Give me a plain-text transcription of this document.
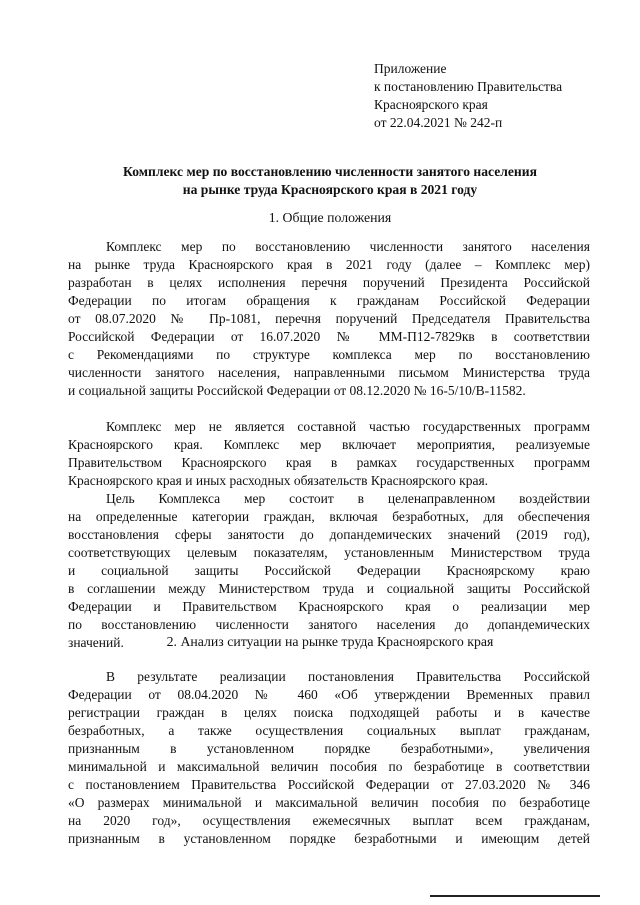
Приложение
к постановлению Правительства
Красноярского края
от 22.04.2021 № 242-п
Комплекс мер по восстановлению численности занятого населения
на рынке труда Красноярского края в 2021 году
1. Общие положения
Комплекс мер по восстановлению численности занятого населения
на рынке труда Красноярского края в 2021 году (далее – Комплекс мер)
разработан в целях исполнения перечня поручений Президента Российской
Федерации по итогам обращения к гражданам Российской Федерации
от 08.07.2020 № Пр-1081, перечня поручений Председателя Правительства
Российской Федерации от 16.07.2020 № ММ-П12-7829кв в соответствии
с Рекомендациями по структуре комплекса мер по восстановлению
численности занятого населения, направленными письмом Министерства труда
и социальной защиты Российской Федерации от 08.12.2020 № 16-5/10/В-11582.
Комплекс мер не является составной частью государственных программ
Красноярского края. Комплекс мер включает мероприятия, реализуемые
Правительством Красноярского края в рамках государственных программ
Красноярского края и иных расходных обязательств Красноярского края.
Цель Комплекса мер состоит в целенаправленном воздействии
на определенные категории граждан, включая безработных, для обеспечения
восстановления сферы занятости до допандемических значений (2019 год),
соответствующих целевым показателям, установленным Министерством труда
и социальной защиты Российской Федерации Красноярскому краю
в соглашении между Министерством труда и социальной защиты Российской
Федерации и Правительством Красноярского края о реализации мер
по восстановлению численности занятого населения до допандемических
значений.	2. Анализ ситуации на рынке труда Красноярского края
В результате реализации постановления Правительства Российской
Федерации от 08.04.2020 № 460 «Об утверждении Временных правил
регистрации граждан в целях поиска подходящей работы и в качестве
безработных, а также осуществления социальных выплат гражданам,
признанным в установленном порядке безработными», увеличения
минимальной и максимальной величин пособия по безработице в соответствии
с постановлением Правительства Российской Федерации от 27.03.2020 № 346
«О размерах минимальной и максимальной величин пособия по безработице
на 2020 год», осуществления ежемесячных выплат всем гражданам,
признанным в установленном порядке безработными и имеющим детей
